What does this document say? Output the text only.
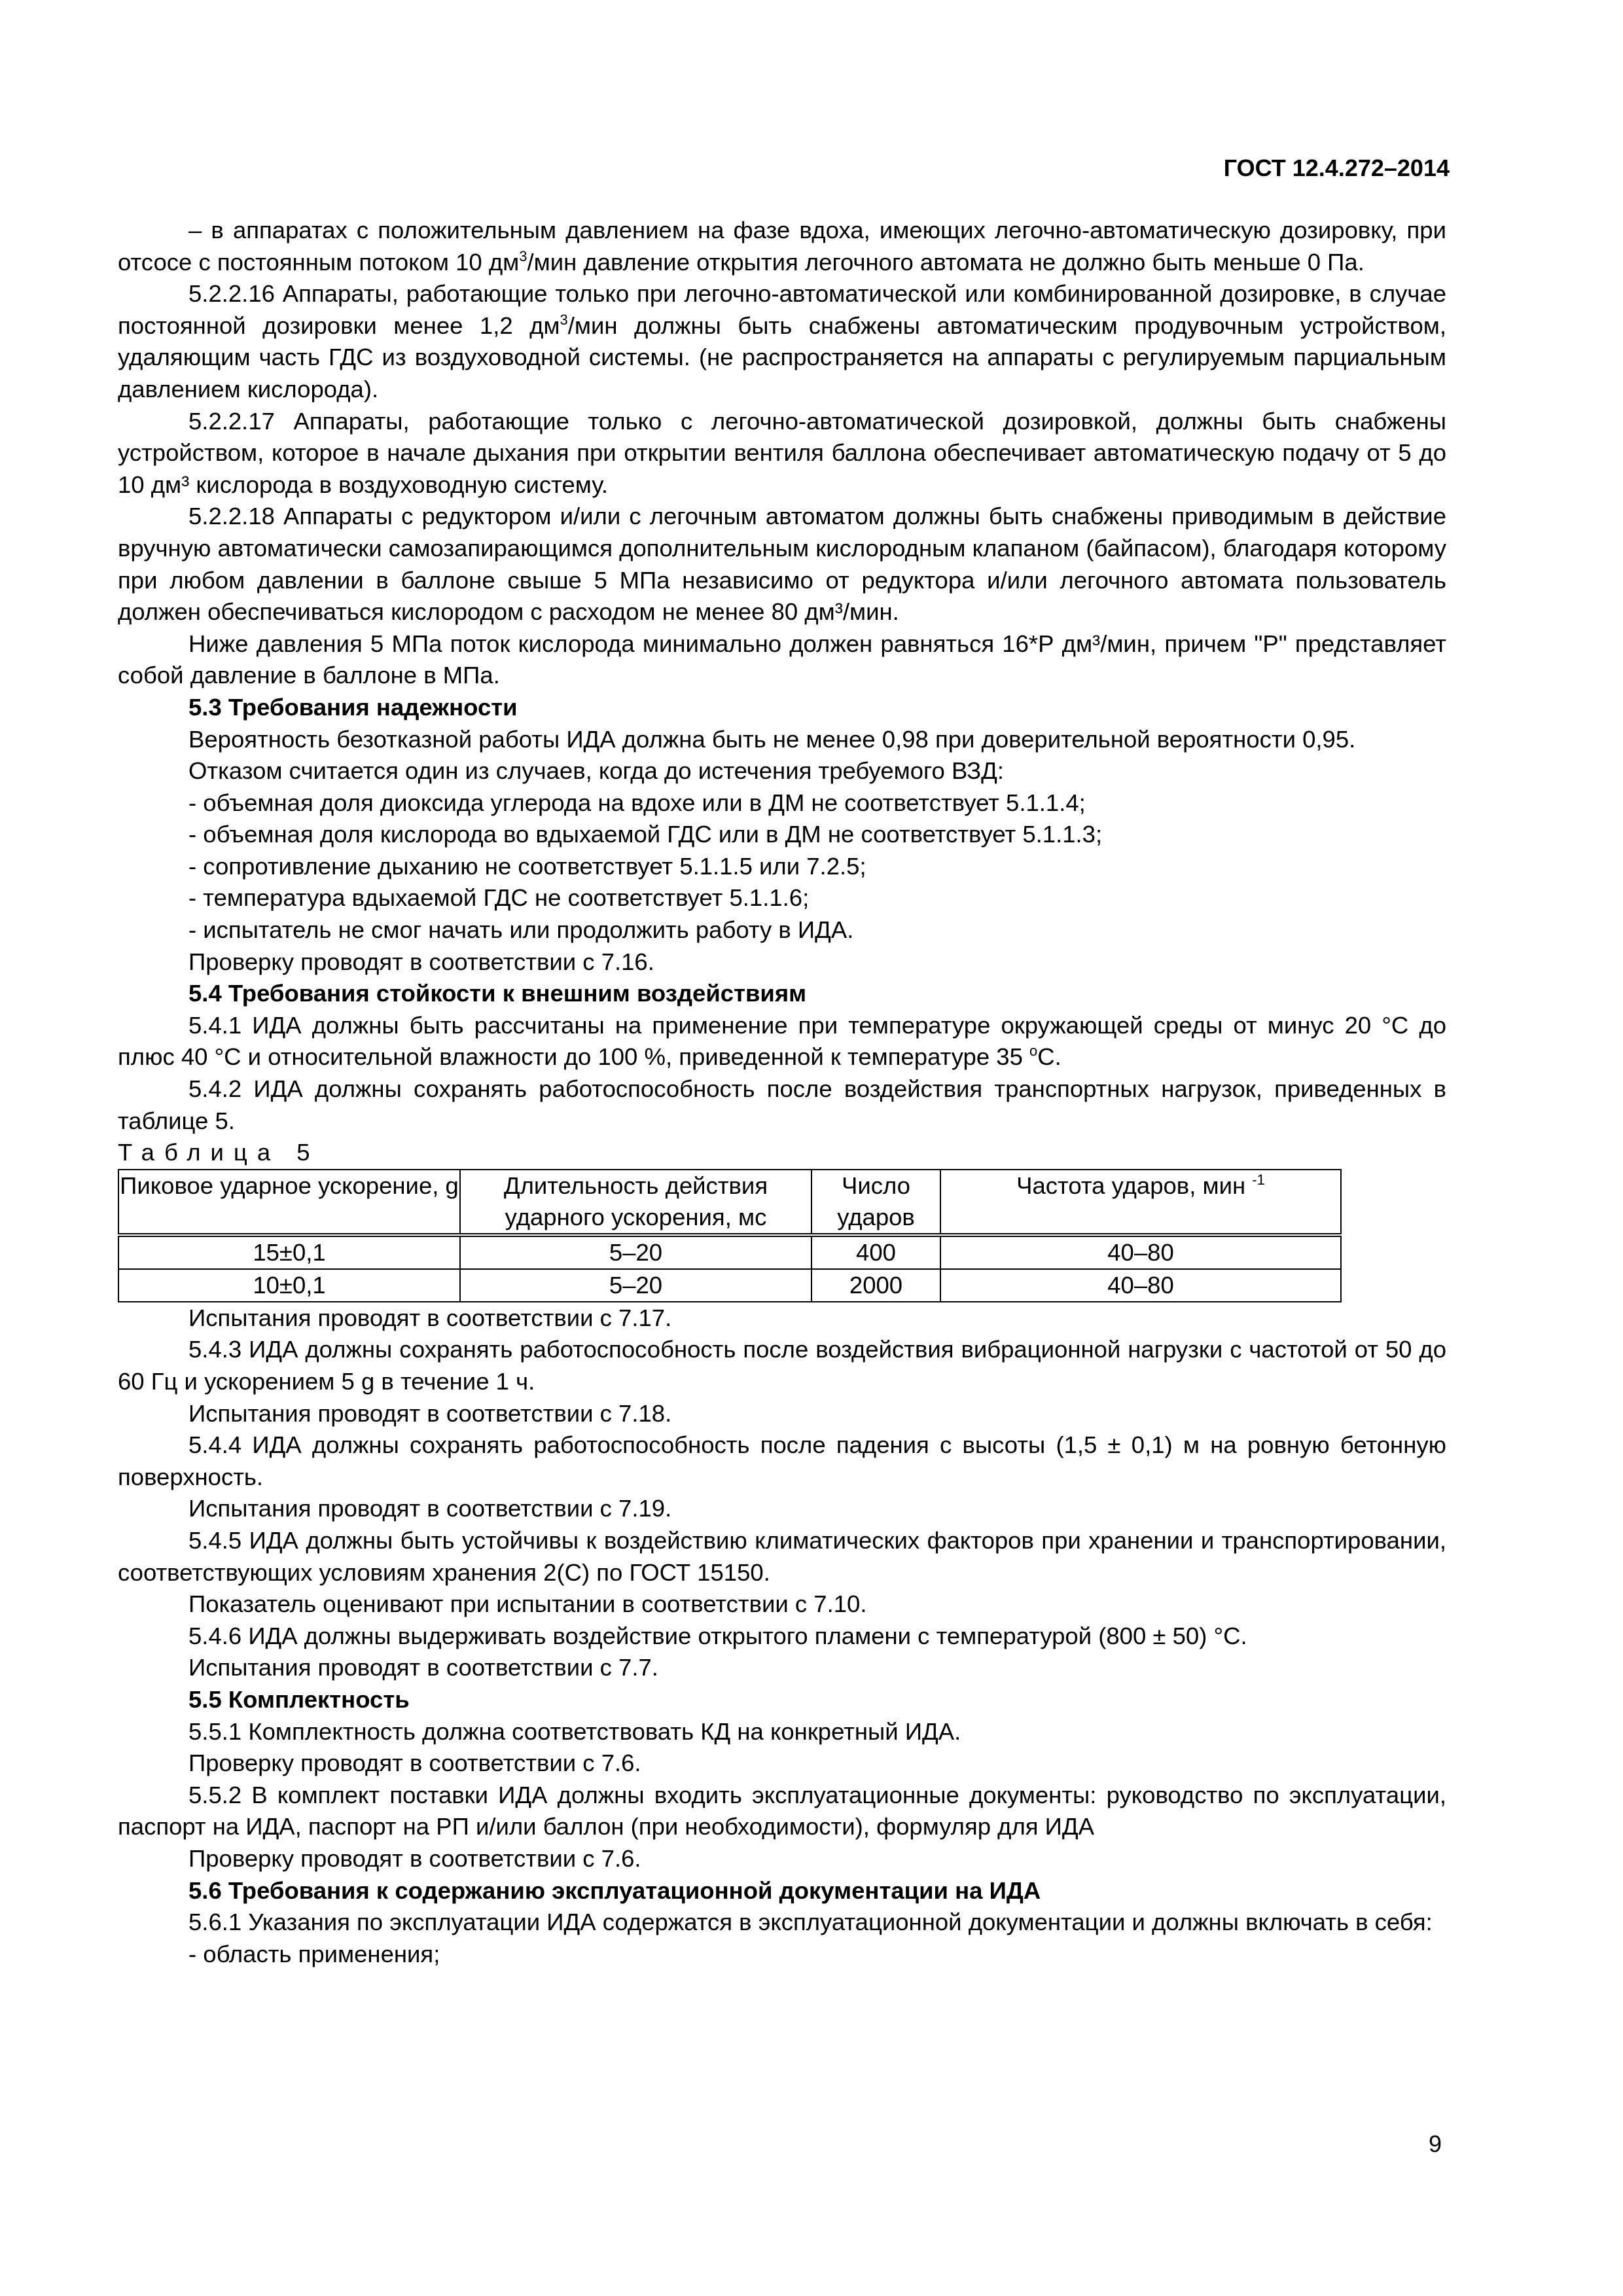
ГОСТ 12.4.272–2014

– в аппаратах с положительным давлением на фазе вдоха, имеющих легочно-автоматическую дозировку, при отсосе с постоянным потоком 10 $дм^3$/мин давление открытия легочного автомата не должно быть меньше 0 Па.

5.2.2.16 Аппараты, работающие только при легочно-автоматической или комбинированной дозировке, в случае постоянной дозировки менее 1,2 $дм^3$/мин должны быть снабжены автоматическим продувочным устройством, удаляющим часть ГДС из воздуховодной системы. (не распространяется на аппараты с регулируемым парциальным давлением кислорода).

5.2.2.17 Аппараты, работающие только с легочно-автоматической дозировкой, должны быть снабжены устройством, которое в начале дыхания при открытии вентиля баллона обеспечивает автоматическую подачу от 5 до 10 дм³ кислорода в воздуховодную систему.

5.2.2.18 Аппараты с редуктором и/или с легочным автоматом должны быть снабжены приводимым в действие вручную автоматически самозапирающимся дополнительным кислородным клапаном (байпасом), благодаря которому при любом давлении в баллоне свыше 5 МПа независимо от редуктора и/или легочного автомата пользователь должен обеспечиваться кислородом с расходом не менее 80 дм³/мин.

Ниже давления 5 МПа поток кислорода минимально должен равняться 16*Р дм³/мин, причем "Р" представляет собой давление в баллоне в МПа.

5.3 Требования надежности

Вероятность безотказной работы ИДА должна быть не менее 0,98 при доверительной вероятности 0,95.

Отказом считается один из случаев, когда до истечения требуемого ВЗД:

- объемная доля диоксида углерода на вдохе или в ДМ не соответствует 5.1.1.4;

- объемная доля кислорода во вдыхаемой ГДС или в ДМ не соответствует 5.1.1.3;

- сопротивление дыханию не соответствует 5.1.1.5 или 7.2.5;

- температура вдыхаемой ГДС не соответствует 5.1.1.6;

- испытатель не смог начать или продолжить работу в ИДА.

Проверку проводят в соответствии с 7.16.

5.4 Требования стойкости к внешним воздействиям

5.4.1 ИДА должны быть рассчитаны на применение при температуре окружающей среды от минус 20 °С до плюс 40 °С и относительной влажности до 100 %, приведенной к температуре 35 $^o$С.

5.4.2 ИДА должны сохранять работоспособность после воздействия транспортных нагрузок, приведенных в таблице 5.

Таблица 5

Пиковое ударное ускорение, g	Длительность действия ударного ускорения, мс	Число ударов	Частота ударов, мин $^{-1}$
15±0,1	5–20	400	40–80
10±0,1	5–20	2000	40–80

Испытания проводят в соответствии с 7.17.

5.4.3 ИДА должны сохранять работоспособность после воздействия вибрационной нагрузки с частотой от 50 до 60 Гц и ускорением 5 g в течение 1 ч.

Испытания проводят в соответствии с 7.18.

5.4.4 ИДА должны сохранять работоспособность после падения с высоты (1,5 ± 0,1) м на ровную бетонную поверхность.

Испытания проводят в соответствии с 7.19.

5.4.5 ИДА должны быть устойчивы к воздействию климатических факторов при хранении и транспортировании, соответствующих условиям хранения 2(С) по ГОСТ 15150.

Показатель оценивают при испытании в соответствии с 7.10.

5.4.6 ИДА должны выдерживать воздействие открытого пламени с температурой (800 ± 50) °С.

Испытания проводят в соответствии с 7.7.

5.5 Комплектность

5.5.1 Комплектность должна соответствовать КД на конкретный ИДА.

Проверку проводят в соответствии с 7.6.

5.5.2 В комплект поставки ИДА должны входить эксплуатационные документы: руководство по эксплуатации, паспорт на ИДА, паспорт на РП и/или баллон (при необходимости), формуляр для ИДА

Проверку проводят в соответствии с 7.6.

5.6 Требования к содержанию эксплуатационной документации на ИДА

5.6.1 Указания по эксплуатации ИДА содержатся в эксплуатационной документации и должны включать в себя:

- область применения;

9
